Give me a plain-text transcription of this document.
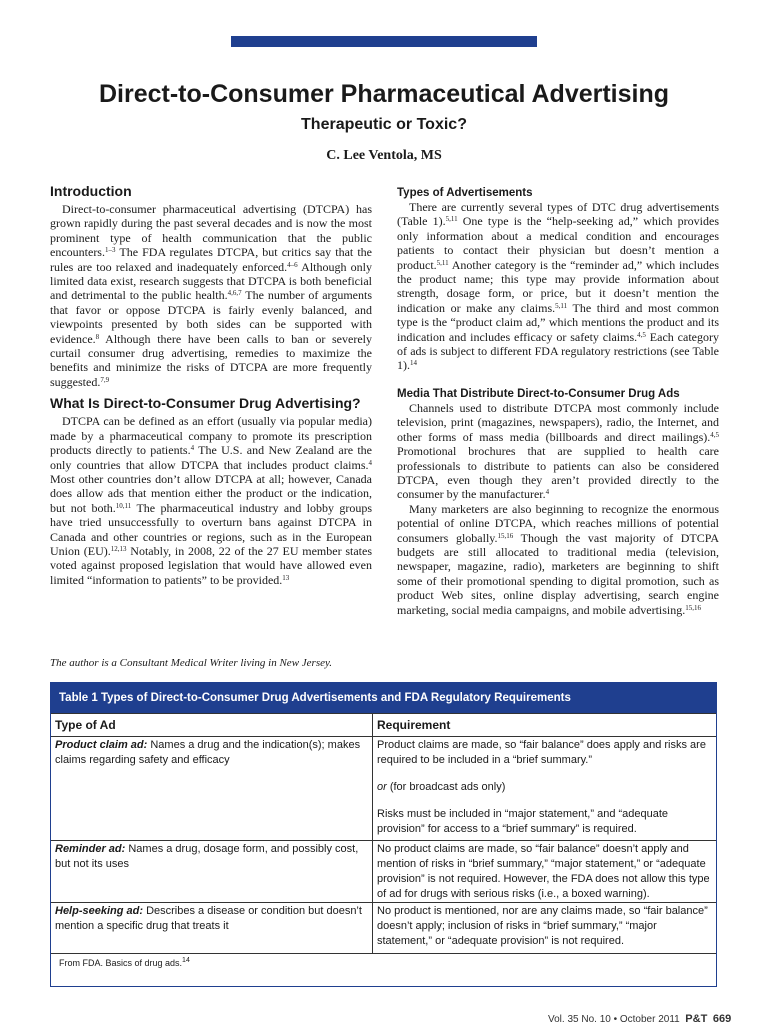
Direct-to-Consumer Pharmaceutical Advertising
Therapeutic or Toxic?
C. Lee Ventola, MS
Introduction

Direct-to-consumer pharmaceutical advertising (DTCPA) has grown rapidly during the past several decades and is now the most prominent type of health communication that the public encounters.$^{1-3}$ The FDA regulates DTCPA, but critics say that the rules are too relaxed and inadequately enforced.$^{4-6}$ Although only limited data exist, research suggests that DTCPA is both beneficial and detrimental to the public health.$^{4,6,7}$ The number of arguments that favor or oppose DTCPA is fairly evenly balanced, and viewpoints presented by both sides can be supported with evidence.$^8$ Although there have been calls to ban or severely curtail consumer drug advertising, remedies to maximize the benefits and minimize the risks of DTCPA are more frequently suggested.$^{7,9}$

What Is Direct-to-Consumer Drug Advertising?

DTCPA can be defined as an effort (usually via popular media) made by a pharmaceutical company to promote its prescription products directly to patients.$^4$ The U.S. and New Zealand are the only countries that allow DTCPA that includes product claims.$^4$ Most other countries don’t allow DTCPA at all; however, Canada does allow ads that mention either the product or the indication, but not both.$^{10,11}$ The pharmaceutical industry and lobby groups have tried unsuccessfully to overturn bans against DTCPA in Canada and other countries or regions, such as in the European Union (EU).$^{12,13}$ Notably, in 2008, 22 of the 27 EU member states voted against proposed legislation that would have allowed even limited “information to patients” to be provided.$^{13}$

Types of Advertisements

There are currently several types of DTC drug advertisements (Table 1).$^{5,11}$ One type is the “help-seeking ad,” which provides only information about a medical condition and encourages patients to contact their physician but doesn’t mention a product.$^{5,11}$ Another category is the “reminder ad,” which includes the product name; this type may provide information about strength, dosage form, or price, but it doesn’t mention the indication or make any claims.$^{5,11}$ The third and most common type is the “product claim ad,” which mentions the product and its indication and includes efficacy or safety claims.$^{4,5}$ Each category of ads is subject to different FDA regulatory restrictions (see Table 1).$^{14}$

Media That Distribute Direct-to-Consumer Drug Ads

Channels used to distribute DTCPA most commonly include television, print (magazines, newspapers), radio, the Internet, and other forms of mass media (billboards and direct mailings).$^{4,5}$ Promotional brochures that are supplied to health care professionals to distribute to patients can also be considered DTCPA, even though they aren’t provided directly to the consumer by the manufacturer.$^4$

Many marketers are also beginning to recognize the enormous potential of online DTCPA, which reaches millions of potential consumers globally.$^{15,16}$ Though the vast majority of DTCPA budgets are still allocated to traditional media (television, newspaper, magazine, radio), marketers are beginning to shift some of their promotional spending to digital promotion, such as product Web sites, online display advertising, search engine marketing, social media campaigns, and mobile advertising.$^{15,16}$

The author is a Consultant Medical Writer living in New Jersey.
Table 1 Types of Direct-to-Consumer Drug Advertisements and FDA Regulatory Requirements
Type of Ad	Requirement
Product claim ad: Names a drug and the indication(s); makes claims regarding safety and efficacy
Product claims are made, so “fair balance” does apply and risks are required to be included in a “brief summary.”
or (for broadcast ads only)
Risks must be included in “major statement,” and “adequate provision” for access to a “brief summary” is required.
Reminder ad: Names a drug, dosage form, and possibly cost, but not its uses
No product claims are made, so “fair balance” doesn’t apply and mention of risks in “brief summary,” “major statement,” or “adequate provision” is not required. However, the FDA does not allow this type of ad for drugs with serious risks (i.e., a boxed warning).
Help-seeking ad: Describes a disease or condition but doesn’t mention a specific drug that treats it
No product is mentioned, nor are any claims made, so “fair balance” doesn’t apply; inclusion of risks in “brief summary,” “major statement,” or “adequate provision” is not required.
From FDA. Basics of drug ads.$^{14}$
Vol. 35 No. 10 • October 2011 P&T 669
